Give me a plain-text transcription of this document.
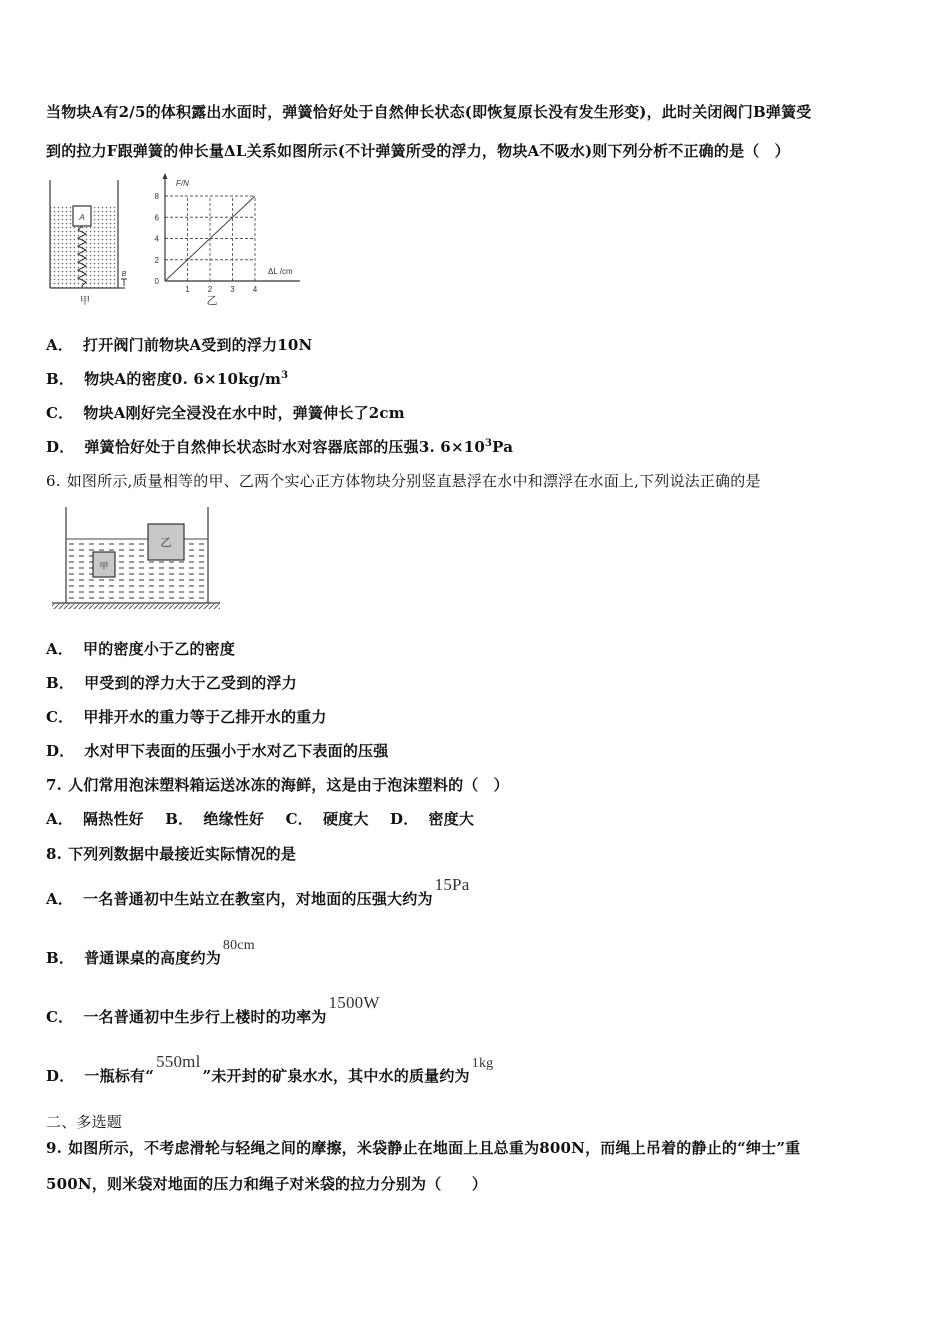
当物块A有2/5的体积露出水面时，弹簧恰好处于自然伸长状态(即恢复原长没有发生形变)，此时关闭阀门B弹簧受
到的拉力F跟弹簧的伸长量ΔL关系如图所示(不计弹簧所受的浮力，物块A不吸水)则下列分析不正确的是（　）
A
B
甲
F/N
ΔL /cm
0
2
4
6
8
1 2 3 4
乙
A． 打开阀门前物块A受到的浮力10N
B． 物块A的密度0. $6\times 10kg/m^3$
C． 物块A刚好完全浸没在水中时，弹簧伸长了2cm
D． 弹簧恰好处于自然伸长状态时水对容器底部的压强3. $6\times 10^3Pa$
6. 如图所示,质量相等的甲、乙两个实心正方体物块分别竖直悬浮在水中和漂浮在水面上,下列说法正确的是
甲
乙
A． 甲的密度小于乙的密度
B． 甲受到的浮力大于乙受到的浮力
C． 甲排开水的重力等于乙排开水的重力
D． 水对甲下表面的压强小于水对乙下表面的压强
7. 人们常用泡沫塑料箱运送冰冻的海鲜，这是由于泡沫塑料的（　）
A． 隔热性好 B． 绝缘性好 C． 硬度大 D． 密度大
8. 下列列数据中最接近实际情况的是
A． 一名普通初中生站立在教室内，对地面的压强大约为15Pa
B． 普通课桌的高度约为80cm
C． 一名普通初中生步行上楼时的功率为1500W
D． 一瓶标有“550ml”未开封的矿泉水水，其中水的质量约为1kg
二、多选题
9. 如图所示，不考虑滑轮与轻绳之间的摩擦，米袋静止在地面上且总重为800N，而绳上吊着的静止的“绅士”重
500N，则米袋对地面的压力和绳子对米袋的拉力分别为（　　）
